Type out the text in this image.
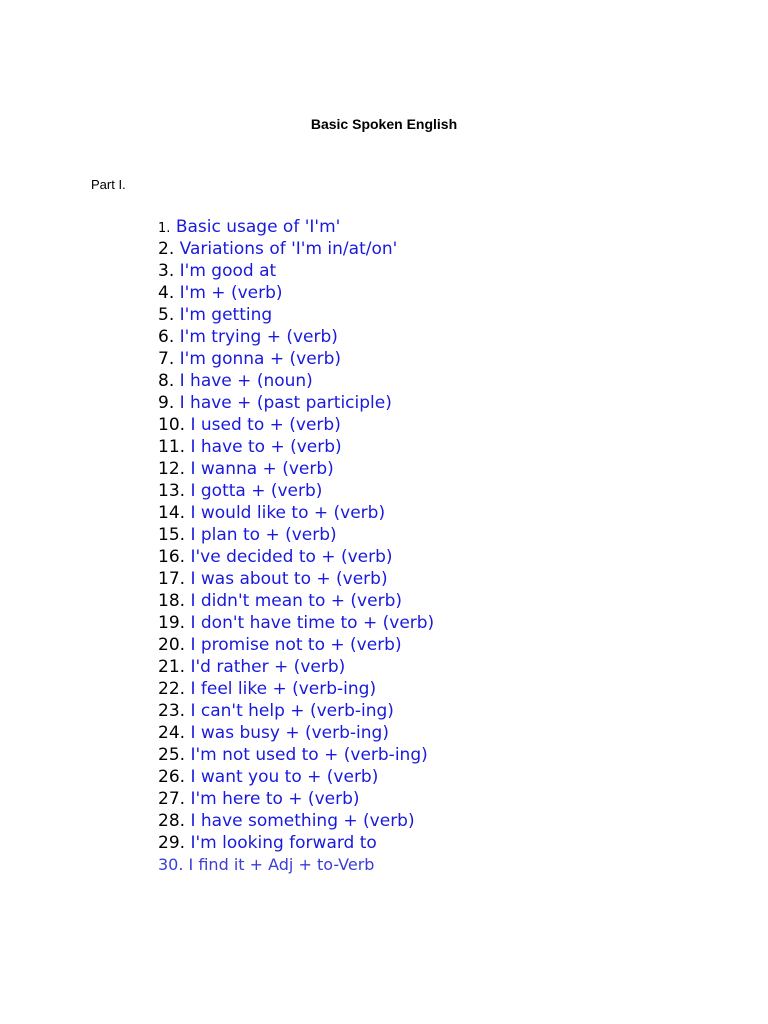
Basic Spoken English
Part I.
1. Basic usage of 'I'm'
2. Variations of 'I'm in/at/on'
3. I'm good at
4. I'm + (verb)
5. I'm getting
6. I'm trying + (verb)
7. I'm gonna + (verb)
8. I have + (noun)
9. I have + (past participle)
10. I used to + (verb)
11. I have to + (verb)
12. I wanna + (verb)
13. I gotta + (verb)
14. I would like to + (verb)
15. I plan to + (verb)
16. I've decided to + (verb)
17. I was about to + (verb)
18. I didn't mean to + (verb)
19. I don't have time to + (verb)
20. I promise not to + (verb)
21. I'd rather + (verb)
22. I feel like + (verb-ing)
23. I can't help + (verb-ing)
24. I was busy + (verb-ing)
25. I'm not used to + (verb-ing)
26. I want you to + (verb)
27. I'm here to + (verb)
28. I have something + (verb)
29. I'm looking forward to
30. I find it + Adj + to-Verb
